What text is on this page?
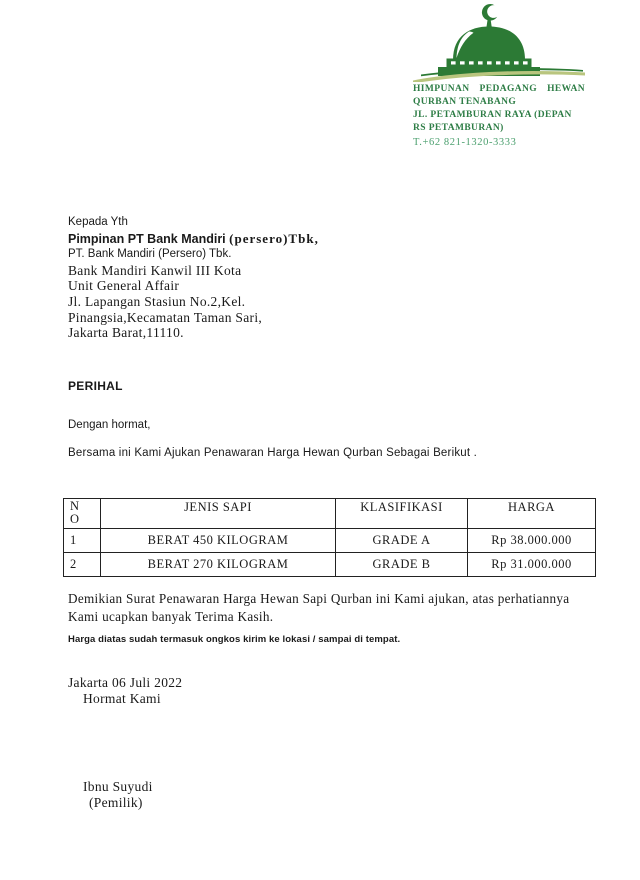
HIMPUNAN PEDAGANG HEWAN
QURBAN TENABANG
JL. PETAMBURAN RAYA (DEPAN RS PETAMBURAN)
T.+62 821-1320-3333
Kepada Yth
Pimpinan PT Bank Mandiri (persero)Tbk,
PT. Bank Mandiri (Persero) Tbk.
Bank Mandiri Kanwil III Kota
Unit General Affair
Jl. Lapangan Stasiun No.2,Kel.
Pinangsia,Kecamatan Taman Sari,
Jakarta Barat,11110.
PERIHAL
Dengan hormat,
Bersama ini Kami Ajukan Penawaran Harga Hewan Qurban Sebagai Berikut .
N O	JENIS SAPI	KLASIFIKASI	HARGA
1	BERAT 450 KILOGRAM	GRADE A	Rp 38.000.000
2	BERAT 270 KILOGRAM	GRADE B	Rp 31.000.000
Demikian Surat Penawaran Harga Hewan Sapi Qurban ini Kami ajukan, atas perhatiannya Kami ucapkan banyak Terima Kasih.
Harga diatas sudah termasuk ongkos kirim ke lokasi / sampai di tempat.
Jakarta 06 Juli 2022
Hormat Kami
Ibnu Suyudi
(Pemilik)
